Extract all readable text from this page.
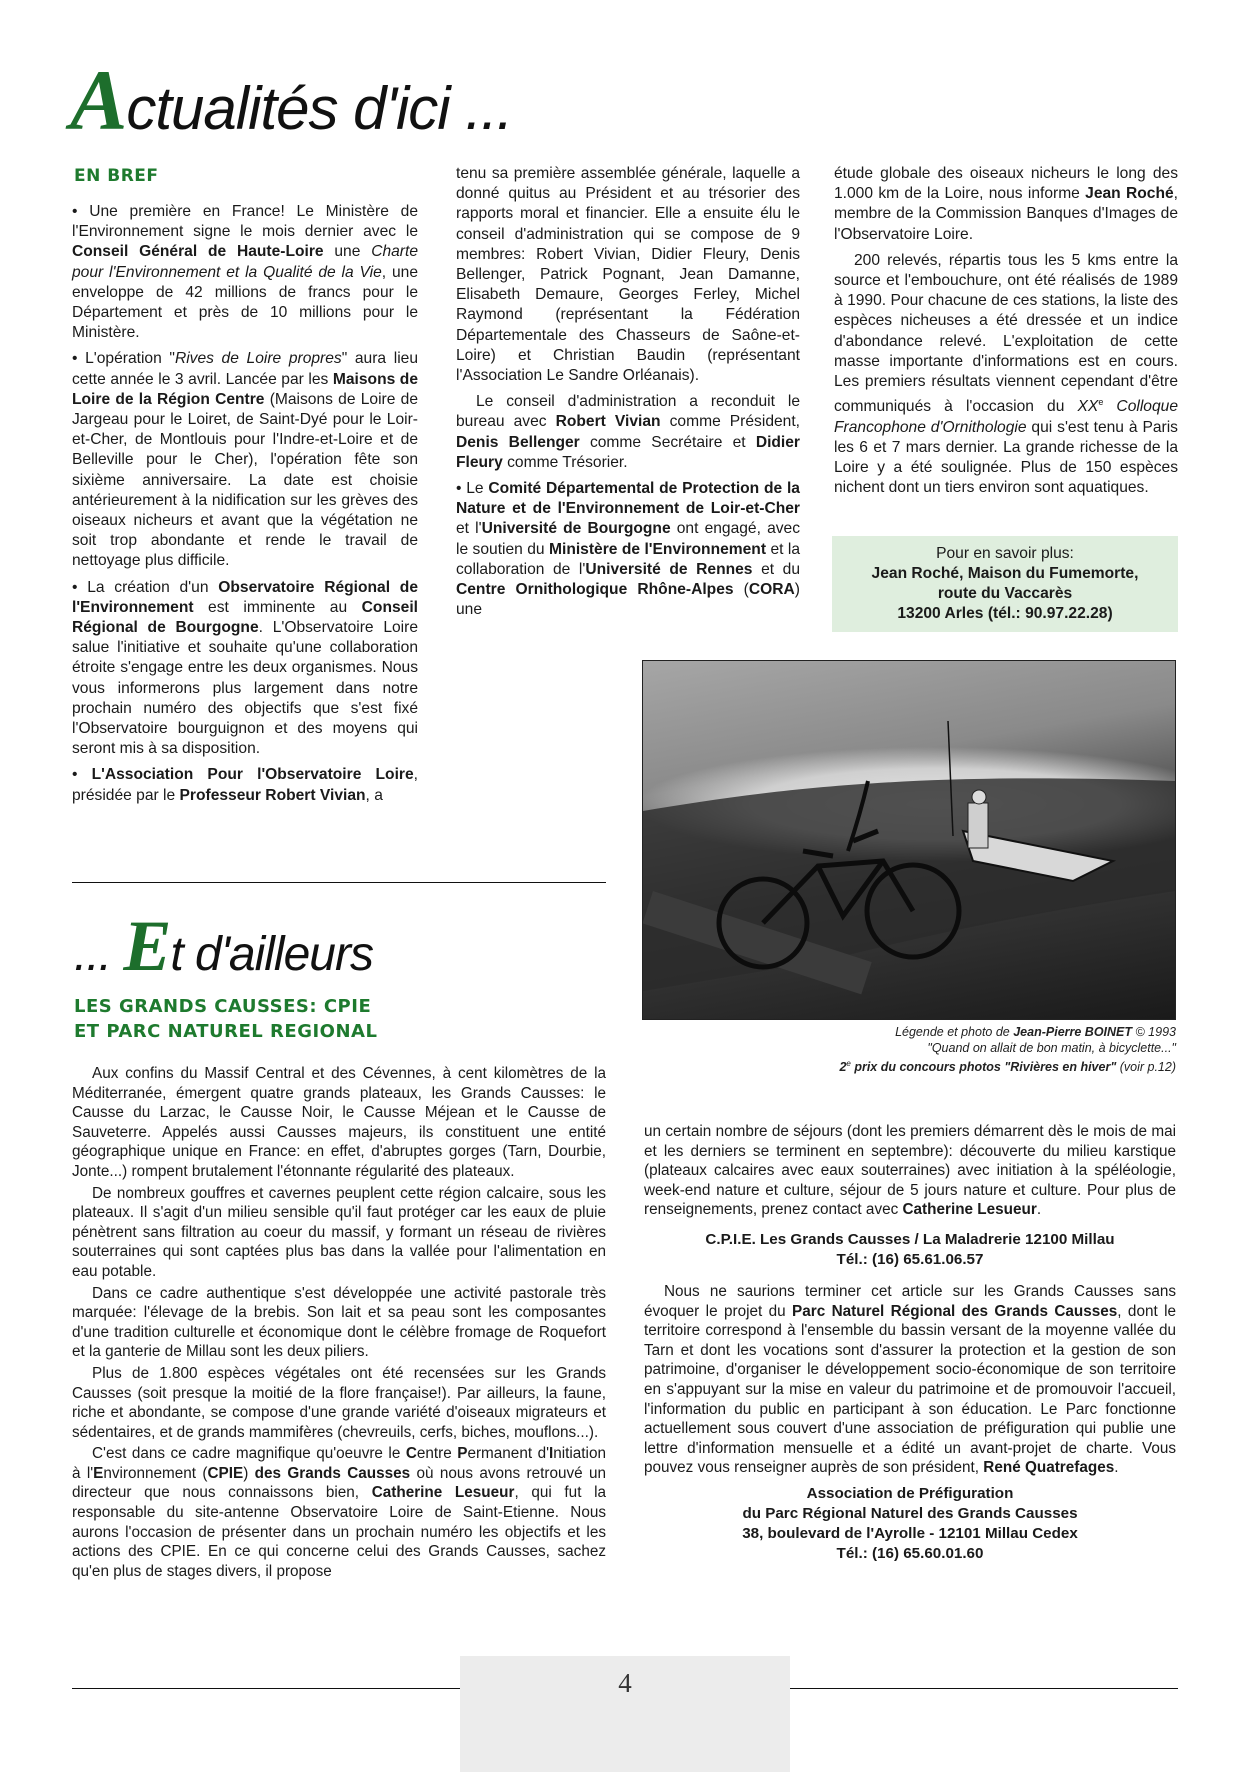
Actualités d'ici ...
EN BREF

• Une première en France! Le Ministère de l'Environnement signe le mois dernier avec le Conseil Général de Haute-Loire une Charte pour l'Environnement et la Qualité de la Vie, une enveloppe de 42 millions de francs pour le Département et près de 10 millions pour le Ministère.

• L'opération "Rives de Loire propres" aura lieu cette année le 3 avril. Lancée par les Maisons de Loire de la Région Centre (Maisons de Loire de Jargeau pour le Loiret, de Saint-Dyé pour le Loir-et-Cher, de Montlouis pour l'Indre-et-Loire et de Belleville pour le Cher), l'opération fête son sixième anniversaire. La date est choisie antérieurement à la nidification sur les grèves des oiseaux nicheurs et avant que la végétation ne soit trop abondante et rende le travail de nettoyage plus difficile.

• La création d'un Observatoire Régional de l'Environnement est imminente au Conseil Régional de Bourgogne. L'Observatoire Loire salue l'initiative et souhaite qu'une collaboration étroite s'engage entre les deux organismes. Nous vous informerons plus largement dans notre prochain numéro des objectifs que s'est fixé l'Observatoire bourguignon et des moyens qui seront mis à sa disposition.

• L'Association Pour l'Observatoire Loire, présidée par le Professeur Robert Vivian, a

tenu sa première assemblée générale, laquelle a donné quitus au Président et au trésorier des rapports moral et financier. Elle a ensuite élu le conseil d'administration qui se compose de 9 membres: Robert Vivian, Didier Fleury, Denis Bellenger, Patrick Pognant, Jean Damanne, Elisabeth Demaure, Georges Ferley, Michel Raymond (représentant la Fédération Départementale des Chasseurs de Saône-et-Loire) et Christian Baudin (représentant l'Association Le Sandre Orléanais).

Le conseil d'administration a reconduit le bureau avec Robert Vivian comme Président, Denis Bellenger comme Secrétaire et Didier Fleury comme Trésorier.

• Le Comité Départemental de Protection de la Nature et de l'Environnement de Loir-et-Cher et l'Université de Bourgogne ont engagé, avec le soutien du Ministère de l'Environnement et la collaboration de l'Université de Rennes et du Centre Ornithologique Rhône-Alpes (CORA) une

étude globale des oiseaux nicheurs le long des 1.000 km de la Loire, nous informe Jean Roché, membre de la Commission Banques d'Images de l'Observatoire Loire.

200 relevés, répartis tous les 5 kms entre la source et l'embouchure, ont été réalisés de 1989 à 1990. Pour chacune de ces stations, la liste des espèces nicheuses a été dressée et un indice d'abondance relevé. L'exploitation de cette masse importante d'informations est en cours. Les premiers résultats viennent cependant d'être communiqués à l'occasion du XXe Colloque Francophone d'Ornithologie qui s'est tenu à Paris les 6 et 7 mars dernier. La grande richesse de la Loire y a été soulignée. Plus de 150 espèces nichent dont un tiers environ sont aquatiques.

Pour en savoir plus:
Jean Roché, Maison du Fumemorte,
route du Vaccarès
13200 Arles (tél.: 90.97.22.28)
Légende et photo de Jean-Pierre BOINET © 1993
"Quand on allait de bon matin, à bicyclette..."
2e prix du concours photos "Rivières en hiver" (voir p.12)
... Et d'ailleurs
LES GRANDS CAUSSES: CPIE
ET PARC NATUREL REGIONAL

Aux confins du Massif Central et des Cévennes, à cent kilomètres de la Méditerranée, émergent quatre grands plateaux, les Grands Causses: le Causse du Larzac, le Causse Noir, le Causse Méjean et le Causse de Sauveterre. Appelés aussi Causses majeurs, ils constituent une entité géographique unique en France: en effet, d'abruptes gorges (Tarn, Dourbie, Jonte...) rompent brutalement l'étonnante régularité des plateaux.

De nombreux gouffres et cavernes peuplent cette région calcaire, sous les plateaux. Il s'agit d'un milieu sensible qu'il faut protéger car les eaux de pluie pénètrent sans filtration au coeur du massif, y formant un réseau de rivières souterraines qui sont captées plus bas dans la vallée pour l'alimentation en eau potable.

Dans ce cadre authentique s'est développée une activité pastorale très marquée: l'élevage de la brebis. Son lait et sa peau sont les composantes d'une tradition culturelle et économique dont le célèbre fromage de Roquefort et la ganterie de Millau sont les deux piliers.

Plus de 1.800 espèces végétales ont été recensées sur les Grands Causses (soit presque la moitié de la flore française!). Par ailleurs, la faune, riche et abondante, se compose d'une grande variété d'oiseaux migrateurs et sédentaires, et de grands mammifères (chevreuils, cerfs, biches, mouflons...).

C'est dans ce cadre magnifique qu'oeuvre le Centre Permanent d'Initiation à l'Environnement (CPIE) des Grands Causses où nous avons retrouvé un directeur que nous connaissons bien, Catherine Lesueur, qui fut la responsable du site-antenne Observatoire Loire de Saint-Etienne. Nous aurons l'occasion de présenter dans un prochain numéro les objectifs et les actions des CPIE. En ce qui concerne celui des Grands Causses, sachez qu'en plus de stages divers, il propose

un certain nombre de séjours (dont les premiers démarrent dès le mois de mai et les derniers se terminent en septembre): découverte du milieu karstique (plateaux calcaires avec eaux souterraines) avec initiation à la spéléologie, week-end nature et culture, séjour de 5 jours nature et culture. Pour plus de renseignements, prenez contact avec Catherine Lesueur.

C.P.I.E. Les Grands Causses / La Maladrerie 12100 Millau
Tél.: (16) 65.61.06.57

Nous ne saurions terminer cet article sur les Grands Causses sans évoquer le projet du Parc Naturel Régional des Grands Causses, dont le territoire correspond à l'ensemble du bassin versant de la moyenne vallée du Tarn et dont les vocations sont d'assurer la protection et la gestion de son patrimoine, d'organiser le développement socio-économique de son territoire en s'appuyant sur la mise en valeur du patrimoine et de promouvoir l'accueil, l'information du public en participant à son éducation. Le Parc fonctionne actuellement sous couvert d'une association de préfiguration qui publie une lettre d'information mensuelle et a édité un avant-projet de charte. Vous pouvez vous renseigner auprès de son président, René Quatrefages.

Association de Préfiguration
du Parc Régional Naturel des Grands Causses
38, boulevard de l'Ayrolle - 12101 Millau Cedex
Tél.: (16) 65.60.01.60
4
